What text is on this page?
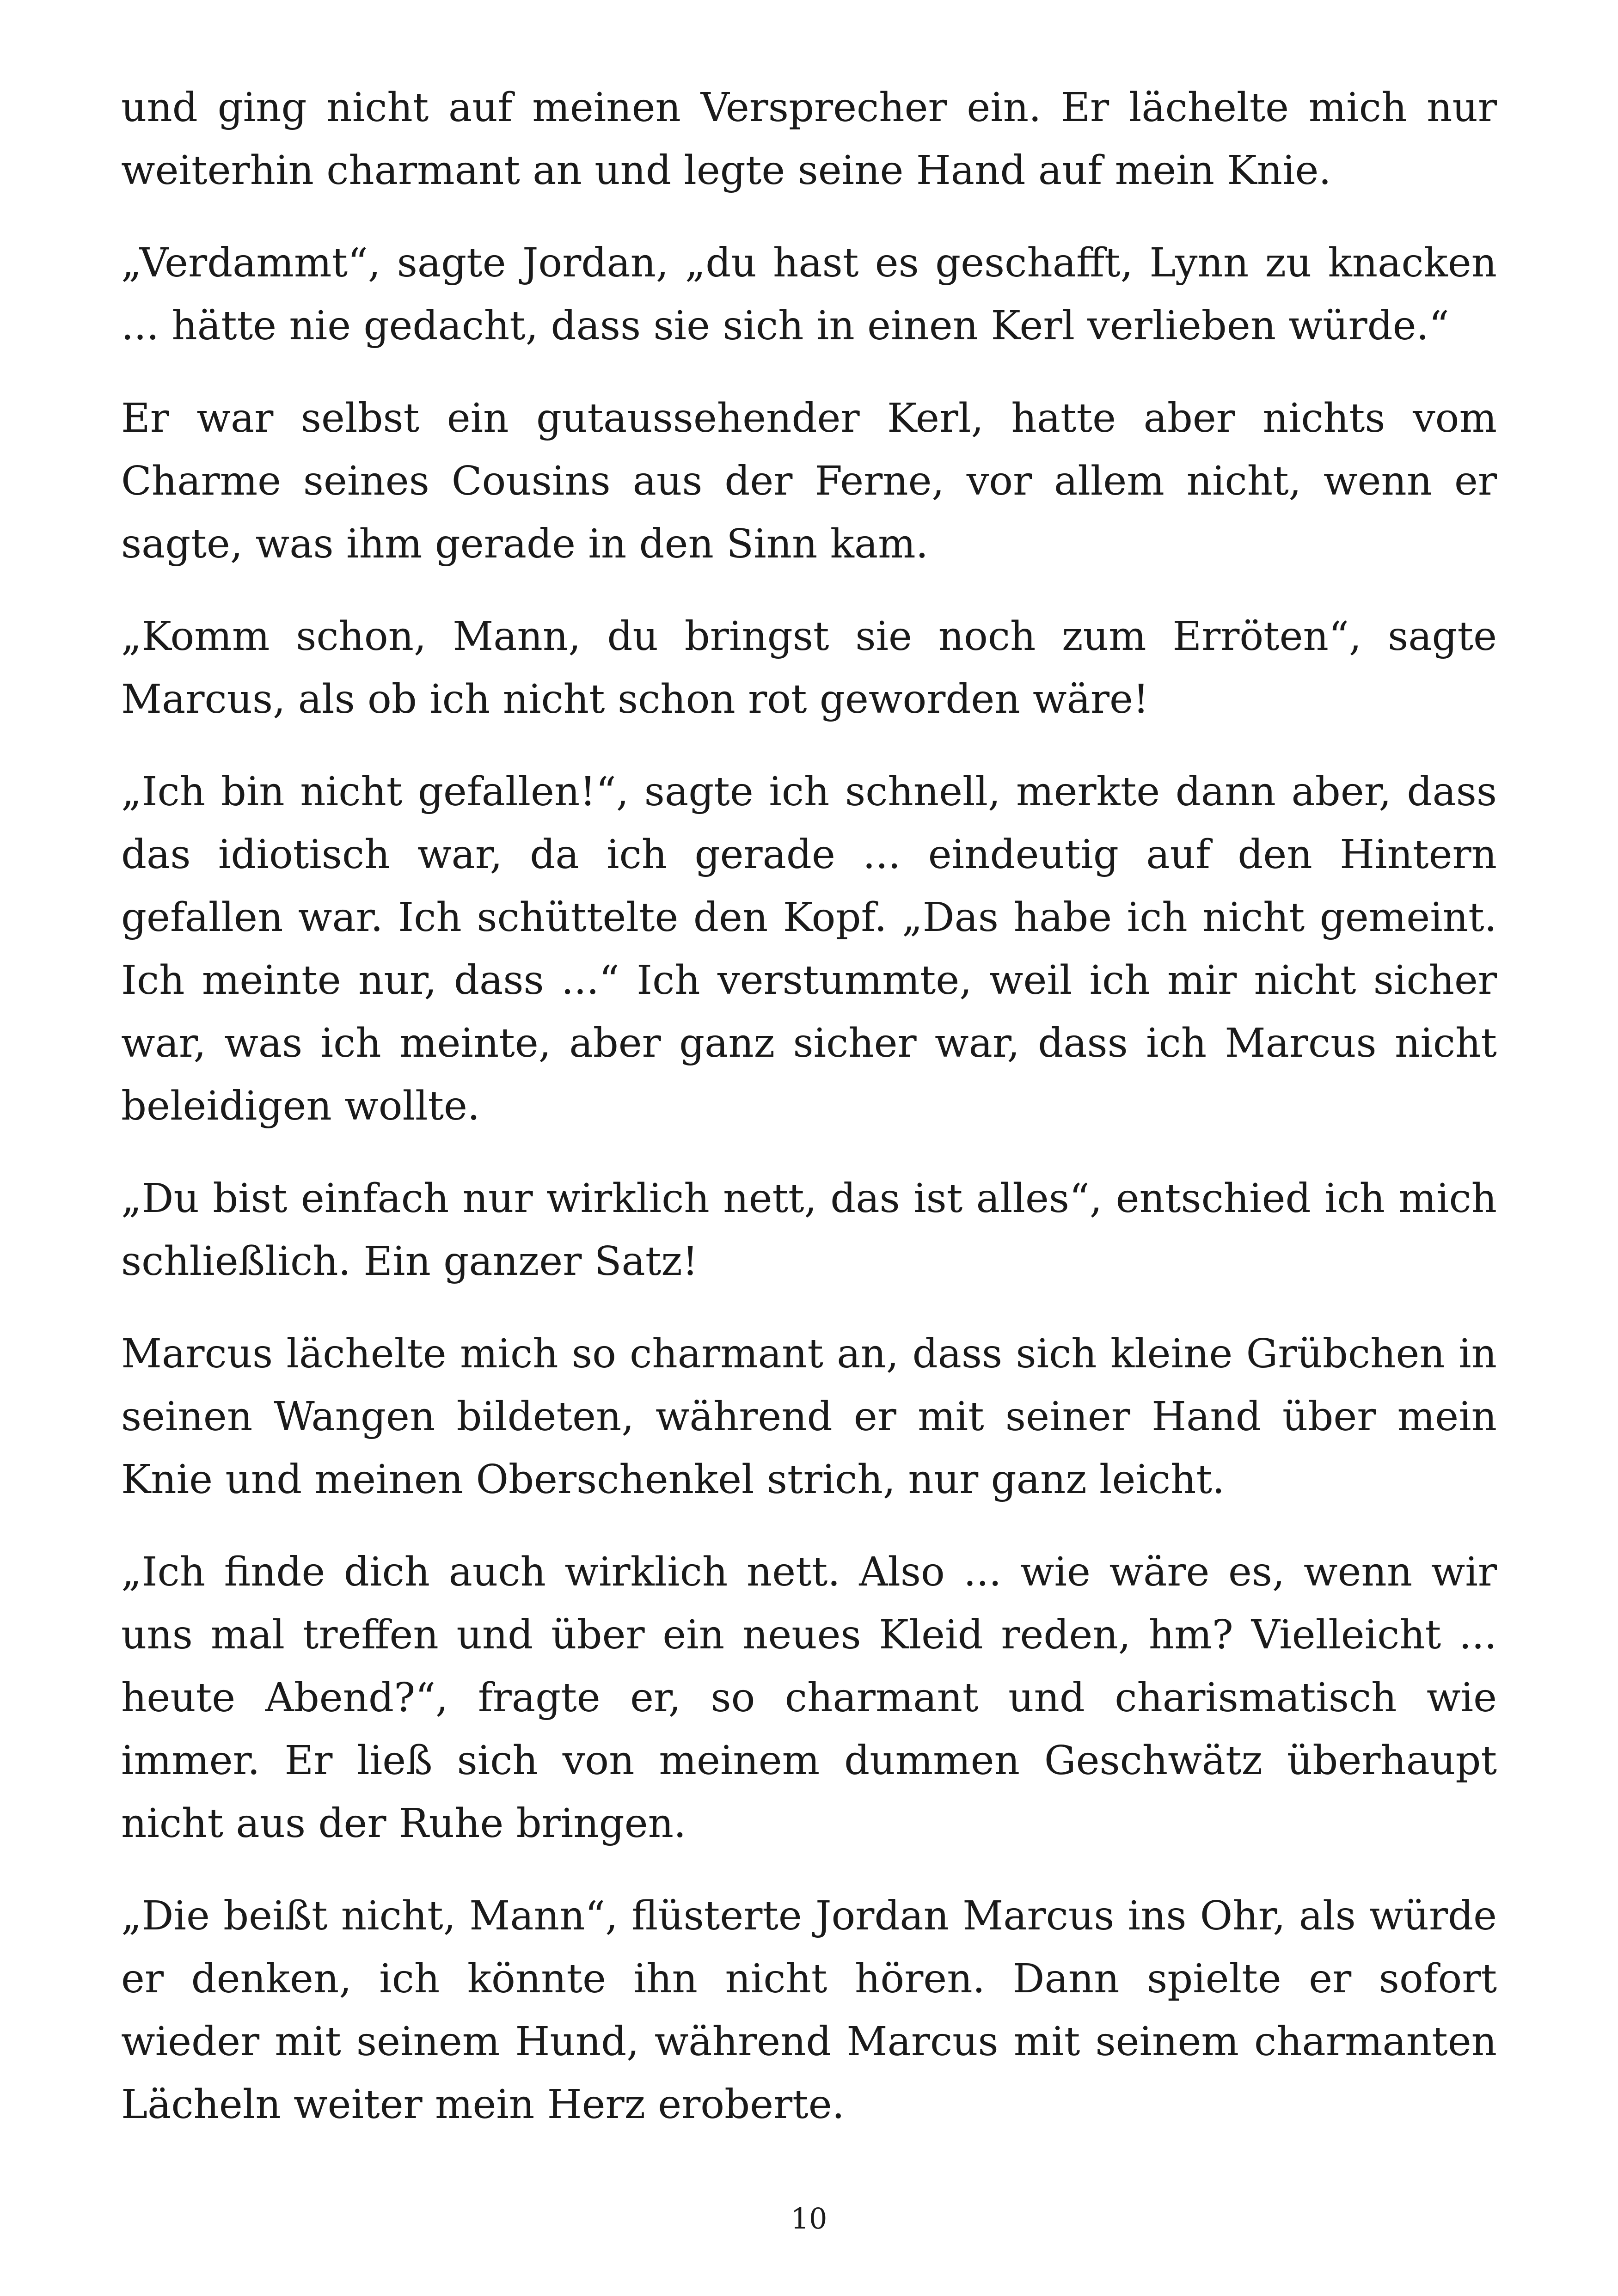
und ging nicht auf meinen Versprecher ein. Er lächelte mich nur weiterhin charmant an und legte seine Hand auf mein Knie.

„Verdammt“, sagte Jordan, „du hast es geschafft, Lynn zu knacken ... hätte nie gedacht, dass sie sich in einen Kerl verlieben würde.“

Er war selbst ein gutaussehender Kerl, hatte aber nichts vom Charme seines Cousins aus der Ferne, vor allem nicht, wenn er sagte, was ihm gerade in den Sinn kam.

„Komm schon, Mann, du bringst sie noch zum Erröten“, sagte Marcus, als ob ich nicht schon rot geworden wäre!

„Ich bin nicht gefallen!“, sagte ich schnell, merkte dann aber, dass das idiotisch war, da ich gerade ... eindeutig auf den Hintern gefallen war. Ich schüttelte den Kopf. „Das habe ich nicht gemeint. Ich meinte nur, dass ...“ Ich verstummte, weil ich mir nicht sicher war, was ich meinte, aber ganz sicher war, dass ich Marcus nicht beleidigen wollte.

„Du bist einfach nur wirklich nett, das ist alles“, entschied ich mich schließlich. Ein ganzer Satz!

Marcus lächelte mich so charmant an, dass sich kleine Grübchen in seinen Wangen bildeten, während er mit seiner Hand über mein Knie und meinen Oberschenkel strich, nur ganz leicht.

„Ich finde dich auch wirklich nett. Also ... wie wäre es, wenn wir uns mal treffen und über ein neues Kleid reden, hm? Vielleicht ... heute Abend?“, fragte er, so charmant und charismatisch wie immer. Er ließ sich von meinem dummen Geschwätz überhaupt nicht aus der Ruhe bringen.

„Die beißt nicht, Mann“, flüsterte Jordan Marcus ins Ohr, als würde er denken, ich könnte ihn nicht hören. Dann spielte er sofort wieder mit seinem Hund, während Marcus mit seinem charmanten Lächeln weiter mein Herz eroberte.

10
